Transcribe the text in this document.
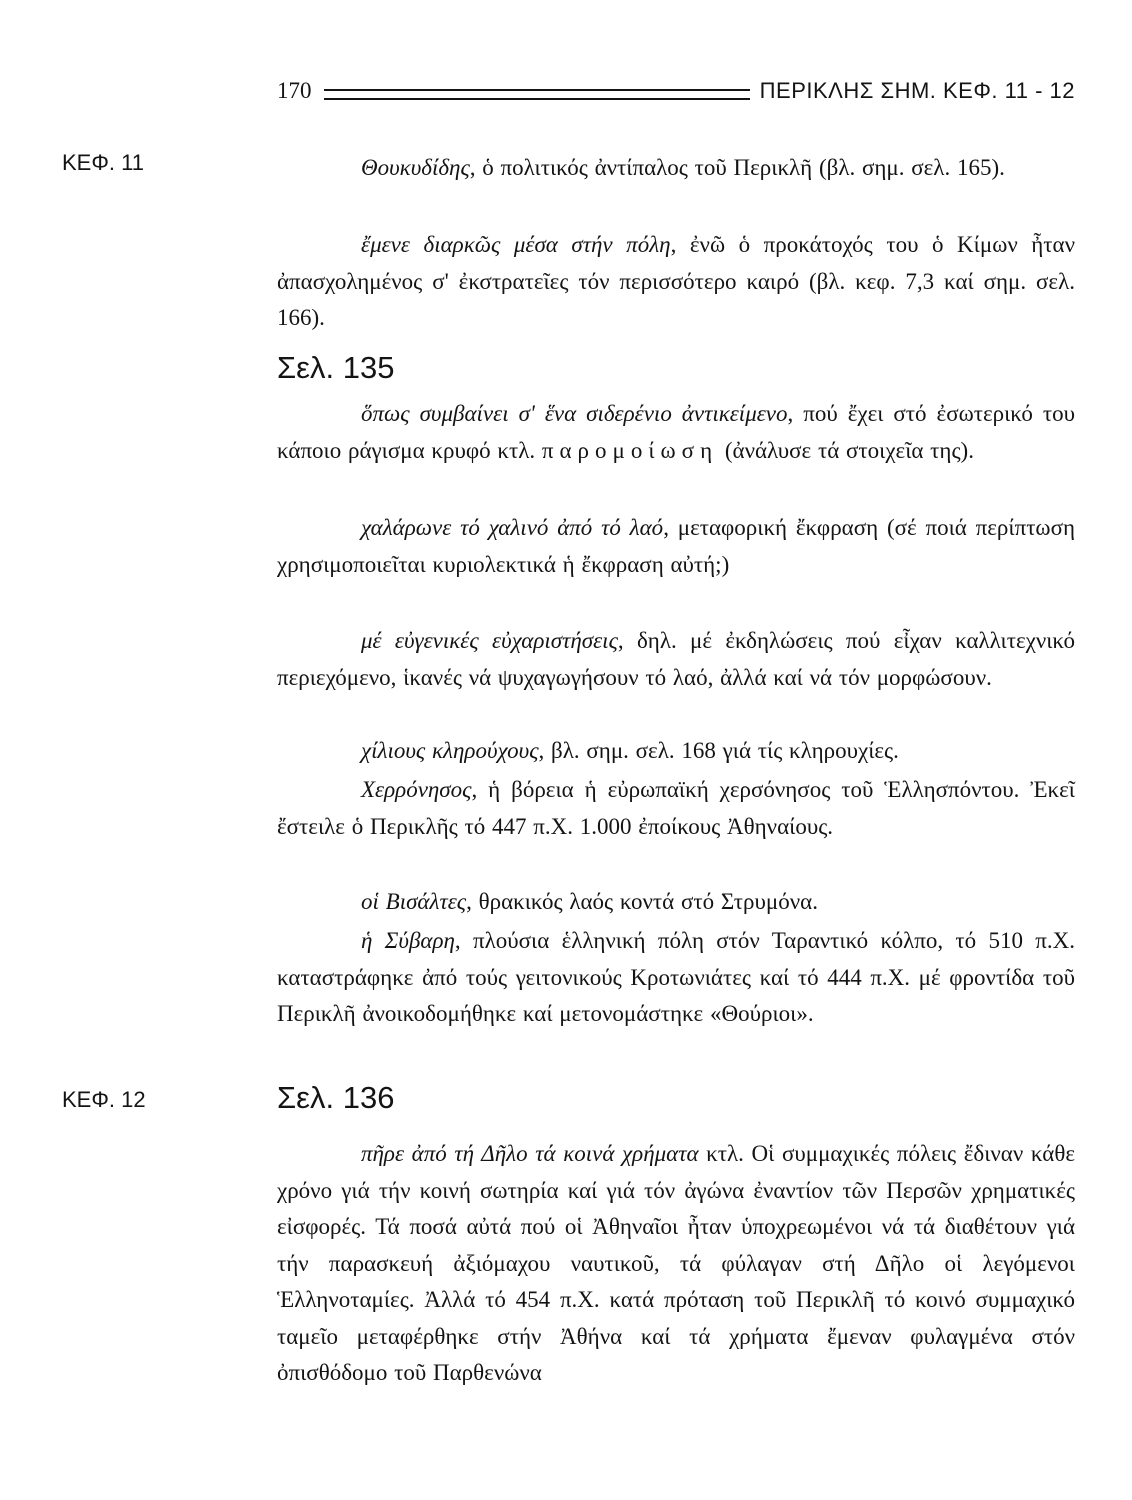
170	ΠΕΡΙΚΛΗΣ ΣΗΜ. ΚΕΦ. 11 - 12
ΚΕΦ. 11	Θουκυδίδης, ὁ πολιτικός ἀντίπαλος τοῦ Περικλῆ (βλ. σημ. σελ. 165).

ἔμενε διαρκῶς μέσα στήν πόλη, ἐνῶ ὁ προκάτοχός του ὁ Κίμων ἦταν ἀπασχολημένος σ' ἐκστρατεῖες τόν περισσότερο καιρό (βλ. κεφ. 7,3 καί σημ. σελ. 166).

Σελ. 135

ὅπως συμβαίνει σ' ἕνα σιδερένιο ἀντικείμενο, πού ἔχει στό ἐσωτερικό του κάποιο ράγισμα κρυφό κτλ. παρομοίωση (ἀνάλυσε τά στοιχεῖα της).

χαλάρωνε τό χαλινό ἀπό τό λαό, μεταφορική ἔκφραση (σέ ποιά περίπτωση χρησιμοποιεῖται κυριολεκτικά ἡ ἔκφραση αὐτή;)

μέ εὐγενικές εὐχαριστήσεις, δηλ. μέ ἐκδηλώσεις πού εἶχαν καλλιτεχνικό περιεχόμενο, ἱκανές νά ψυχαγωγήσουν τό λαό, ἀλλά καί νά τόν μορφώσουν.

χίλιους κληρούχους, βλ. σημ. σελ. 168 γιά τίς κληρουχίες.

Χερρόνησος, ἡ βόρεια ἡ εὐρωπαϊκή χερσόνησος τοῦ Ἑλλησπόντου. Ἐκεῖ ἔστειλε ὁ Περικλῆς τό 447 π.Χ. 1.000 ἐποίκους Ἀθηναίους.

οἱ Βισάλτες, θρακικός λαός κοντά στό Στρυμόνα.

ἡ Σύβαρη, πλούσια ἑλληνική πόλη στόν Ταραντικό κόλπο, τό 510 π.Χ. καταστράφηκε ἀπό τούς γειτονικούς Κροτωνιάτες καί τό 444 π.Χ. μέ φροντίδα τοῦ Περικλῆ ἀνοικοδομήθηκε καί μετονομάστηκε «Θούριοι».

ΚΕΦ. 12	Σελ. 136

πῆρε ἀπό τή Δῆλο τά κοινά χρήματα κτλ. Οἱ συμμαχικές πόλεις ἔδιναν κάθε χρόνο γιά τήν κοινή σωτηρία καί γιά τόν ἀγώνα ἐναντίον τῶν Περσῶν χρηματικές εἰσφορές. Τά ποσά αὐτά πού οἱ Ἀθηναῖοι ἦταν ὑποχρεωμένοι νά τά διαθέτουν γιά τήν παρασκευή ἀξιόμαχου ναυτικοῦ, τά φύλαγαν στή Δῆλο οἱ λεγόμενοι Ἑλληνοταμίες. Ἀλλά τό 454 π.Χ. κατά πρόταση τοῦ Περικλῆ τό κοινό συμμαχικό ταμεῖο μεταφέρθηκε στήν Ἀθήνα καί τά χρήματα ἔμεναν φυλαγμένα στόν ὀπισθόδομο τοῦ Παρθενώνα
